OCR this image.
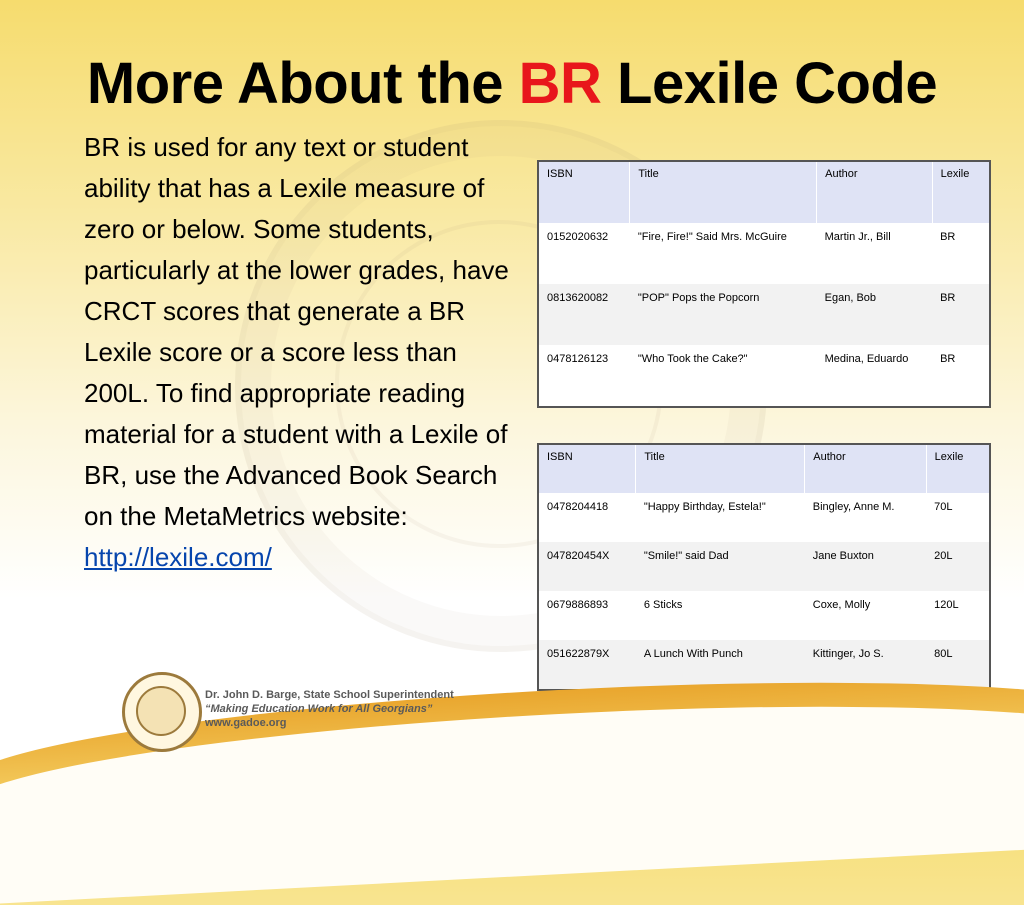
More About the BR Lexile Code
BR is used for any text or student ability that has a Lexile measure of zero or below. Some students, particularly at the lower grades, have CRCT scores that generate a BR Lexile score or a score less than 200L. To find appropriate reading material for a student with a Lexile of BR, use the Advanced Book Search on the MetaMetrics website: http://lexile.com/
ISBN	Title	Author	Lexile
0152020632	"Fire, Fire!" Said Mrs. McGuire	Martin Jr., Bill	BR
0813620082	"POP" Pops the Popcorn	Egan, Bob	BR
0478126123	"Who Took the Cake?"	Medina, Eduardo	BR
ISBN	Title	Author	Lexile
0478204418	"Happy Birthday, Estela!"	Bingley, Anne M.	70L
047820454X	"Smile!" said Dad	Jane Buxton	20L
0679886893	6 Sticks	Coxe, Molly	120L
051622879X	A Lunch With Punch	Kittinger, Jo S.	80L
Dr. John D. Barge, State School Superintendent
“Making Education Work for All Georgians”
www.gadoe.org
